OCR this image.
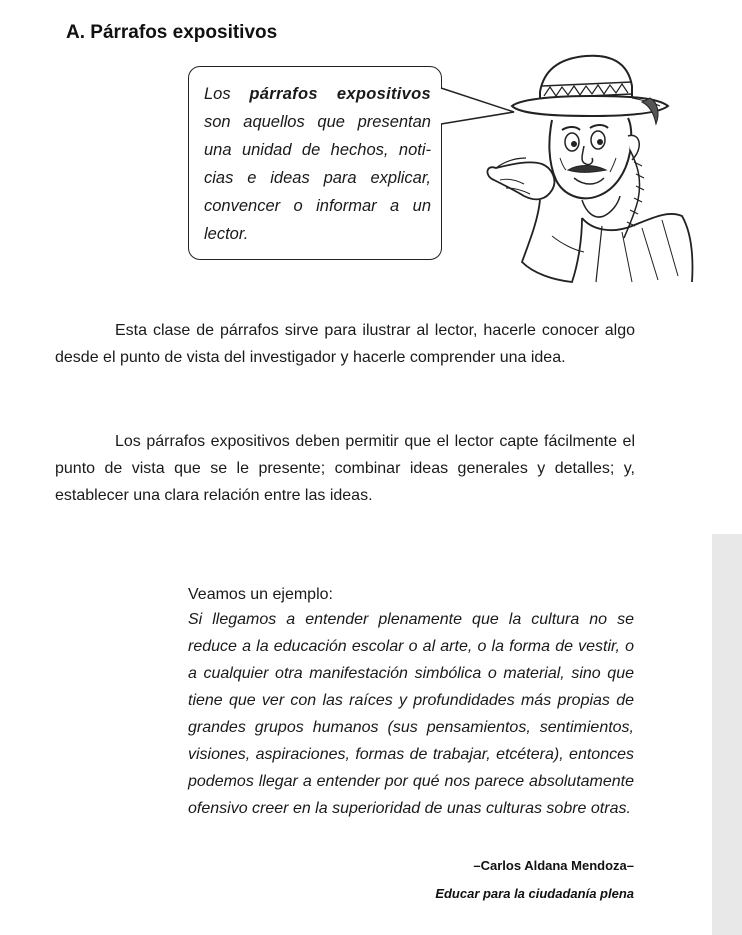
A. Párrafos expositivos
Los párrafos expositivos son aquellos que presentan una unidad de hechos, noticias e ideas para explicar, convencer o informar a un lector.

Esta clase de párrafos sirve para ilustrar al lector, hacerle conocer algo desde el punto de vista del investigador y hacerle comprender una idea.

Los párrafos expositivos deben permitir que el lector capte fácilmente el punto de vista que se le presente; combinar ideas generales y detalles; y, establecer una clara relación entre las ideas.

Veamos un ejemplo:

Si llegamos a entender plenamente que la cultura no se reduce a la educación escolar o al arte, o la forma de vestir, o a cualquier otra manifestación simbólica o material, sino que tiene que ver con las raíces y profundidades más propias de grandes grupos humanos (sus pensamientos, sentimientos, visiones, aspiraciones, formas de trabajar, etcétera), entonces podemos llegar a entender por qué nos parece absolutamente ofensivo creer en la superioridad de unas culturas sobre otras.

–Carlos Aldana Mendoza–
Educar para la ciudadanía plena
